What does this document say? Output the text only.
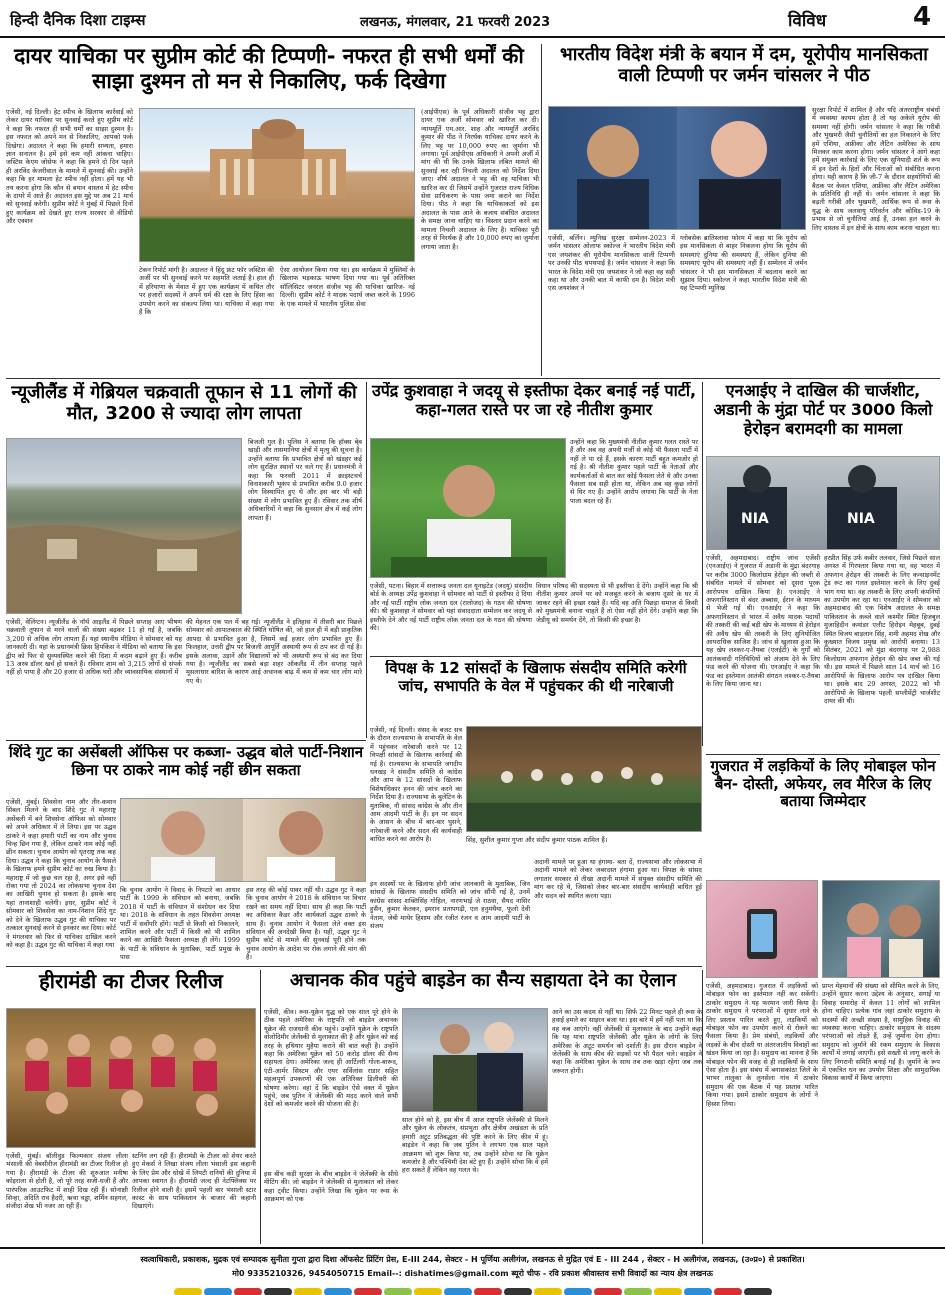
हिन्दी दैनिक दिशा टाइम्स	लखनऊ, मंगलवार, 21 फरवरी 2023	विविध	4
दायर याचिका पर सुप्रीम कोर्ट की टिप्पणी- नफरत ही सभी धर्मों की साझा दुश्मन तो मन से निकालिए, फर्क दिखेगा
एजेंसी, नई दिल्ली। हेट स्पीच के खिलाफ कार्रवाई को लेकर दायर याचिका पर सुनवाई करते हुए सुप्रीम कोर्ट ने कहा कि नफरत ही सभी धर्मों का साझा दुश्मन है। इस नफरत को अपने मन से निकालिए, आपको फर्क दिखेगा। अदालत ने कहा कि हमारी सभ्यता, हमारा ज्ञान सनातन है। हमें इसे कम नहीं आंकना चाहिए। जस्टिस केएम जोसेफ ने कहा कि हमने दो दिन पहले ही अरविंद केजरीवाल के मामले में सुनवाई की। उन्होंने कहा कि हर मामला हेट स्पीच नहीं होता। हमें यह भी तय करना होगा कि कौन से बयान वास्तव में हेट स्पीच के दायरे में आते हैं। अदालत इस मुद्दे पर अब 21 मार्च को सुनवाई करेगी। सुप्रीम कोर्ट ने मुंबई में पिछले दिनों हुए कार्यक्रम को देखते हुए राज्य सरकार से वीडियो और एक्शन
टेकन रिपोर्ट मांगी है। अदालत ने हिंदू फ्रंट फॉर जस्टिस की अर्जी पर भी सुनवाई करने पर सहमति जताई है। हाल ही में हरियाणा के मेवात में हुए एक कार्यक्रम में कथित तौर पर हजारों सदस्यों ने अपने धर्म की रक्षा के लिए हिंसा का उपयोग करने का संकल्प लिया था। याचिका में कहा गया है कि
ऐसा आयोजन किया गया था। इस कार्यक्रम में मुस्लिमों के खिलाफ भड़काऊ भाषण दिया गया था। पूर्व अतिरिक्त सॉलिसिटर जनरल संजीव भट्ट की याचिका खारिज- नई दिल्ली। सुप्रीम कोर्ट ने मादक पदार्थ जब्त करने के 1996 के एक मामले में भारतीय पुलिस सेवा
(आईपीएस) के पूर्व अधिकारी संजीव भट्ट द्वारा दायर एक अर्जी सोमवार को खारिज कर दी। न्यायमूर्ति एम.आर. शाह और न्यायमूर्ति अरविंद कुमार की पीठ ने निरर्थक याचिका दायर करने के लिए भट्ट पर 10,000 रुपए का जुर्माना भी लगाया। पूर्व आईपीएस अधिकारी ने अपनी अर्जी में मांग की थी कि उनके खिलाफ लंबित मामले की सुनवाई कर रही निचली अदालत को निर्देश दिया जाए। शीर्ष अदालत ने भट्ट की वह याचिका भी खारिज कर दी जिसमें उन्होंने गुजरात राज्य विधिक सेवा प्राधिकरण के पास जमा कराने का निर्देश दिया। पीठ ने कहा कि याचिकाकर्ता को इस अदालत के पास आने के बजाय संबंधित अदालत के समक्ष जाना चाहिए था। विस्तार प्रदान करने का मामला निचली अदालत के लिए है। याचिका पूरी तरह से निरर्थक है और 10,000 रुपए का जुर्माना लगाया जाता है।
भारतीय विदेश मंत्री के बयान में दम, यूरोपीय मानसिकता वाली टिप्पणी पर जर्मन चांसलर ने पीठ
एजेंसी, बर्लिन। म्युनिख सुरक्षा सम्मेलन-2023 में जर्मन चांसलर ओलाफ स्कोल्ज ने भारतीय विदेश मंत्री एस जयशंकर की यूरोपीय मानसिकता वाली टिप्पणी पर उनकी पीठ थपथपाई है। जर्मन चांसलर ने कहा कि भारत के विदेश मंत्री एस जयशंकर ने जो कहा वह सही कहा था और उनकी बात में काफी दम है। विदेश मंत्री एस जयशंकर ने
ग्लोबसेक ब्रातिस्लावा फोरम में कहा था कि यूरोप को इस मानसिकता से बाहर निकलना होगा कि यूरोप की समस्याएं दुनिया की समस्याएं हैं, लेकिन दुनिया की समस्याएं यूरोप की समस्याएं नहीं हैं। सम्मेलन में जर्मन चांसलर ने भी इस मानसिकता में बदलाव करने का सुझाव दिया। स्कोल्ज ने कहा भारतीय विदेश मंत्री की यह टिप्पणी म्युनिख
सुरक्षा रिपोर्ट में शामिल है और यदि अंतरराष्ट्रीय संबंधों में व्यवस्था कायम होता है तो यह अकेले यूरोप की समस्या नहीं होगी। जर्मन चांसलर ने कहा कि गरीबी और भुखमरी जैसी चुनौतियों का हल निकालने के लिए हमें एशिया, अफ्रीका और लैटिन अमेरिका के साथ मिलकर काम करना होगा। जर्मन चांसलर ने आगे कहा हमें संयुक्त कार्रवाई के लिए एक सुनियादी शर्त के रूप में इन देशों के हितों और चिंताओं को संबोधित करना होगा। यही कारण है कि जी-7 के दौरान सहयोगियों की बैठक पर केवल एशिया, अफ्रीका और लैटिन अमेरिका के प्रतिनिधि ही नहीं थे। जर्मन चांसलर ने कहा कि बढ़ती गरीबी और भुखमरी, आर्थिक रूप से रूस के युद्ध के साथ जलवायु परिवर्तन और कोविड-19 के प्रभाव से जो चुनौतियां आई हैं, उनका हल करने के लिए वास्तव में इन क्षेत्रों के साथ काम करना चाहता था।
न्यूजीलैंड में गेब्रियल चक्रवाती तूफान से 11 लोगों की मौत, 3200 से ज्यादा लोग लापता
बिजली गुल है। पुलिस ने बताया कि हॉक्स बे्ब खाड़ी और तासमानिया क्षेत्रों में मृत्यु की सूचना है। उन्होंने बताया कि प्रभावित क्षेत्रों को खंडहर कई लोग सुरक्षित स्थानों पर चले गए हैं। प्रधानमंत्री ने कहा कि फरवरी 2011 में क्राइस्टचर्च विनाशकारी भूकंप से प्रभावित करीब 9.0 हजार लोग विस्थापित हुए थे और इस बार भी बड़ी संख्या में लोग प्रभावित हुए हैं। रविवार तक शीर्ष अधिकारियों ने कहा कि सुनसान क्षेत्र में कई लोग लापता हैं।
एजेंसी, वेलिंग्टन। न्यूजीलैंड के नॉर्थ आइलैंड में पिछले सप्ताह आए भीषण चक्रवाती तूफान से मरने वालों की संख्या बढ़कर 11 हो गई है, जबकि 3,200 से अधिक लोग लापता हैं। यहां स्थानीय मीडिया ने सोमवार को यह जानकारी दी। यहां के प्रधानमंत्री क्रिस हिपकिंस ने मीडिया को बताया कि इस द्वीप को फिर से सुव्यवस्थित करने की दिशा में कदम बढ़ाने हुए हैं। करीब 13 अरब डॉलर खर्च हो सकते हैं। रविवार शाम को 3,215 लोगों से संपर्क नहीं हो पाया है और 20 हजार से अधिक घरों और व्यावसायिक संस्थानों में
की मेहनत एक पल में बह गई। न्यूजीलैंड ने इतिहास में तीसरी बार पिछले सोमवार को आपातकाल की स्थिति घोषित की, जो हाल ही में बड़ी प्राकृतिक आपदा से प्रभावित हुआ है, जिसमें कई हजार लोग प्रभावित हुए हैं। फिलहाल, उत्तरी द्वीप पर बिजली आपूर्ति अस्थायी रूप से ठप कर दी गई है। इसके अलावा, उड़ानें और विद्यालयों को भी अस्थायी रूप से बंद कर दिया गया है। न्यूजीलैंड का सबसे बड़ा शहर ऑकलैंड में तीन सप्ताह पहले मूसलाधार बारिश के कारण आई अचानक बाढ़ में कम से कम चार लोग मारे गए थे।
उपेंद्र कुशवाहा ने जदयू से इस्तीफा देकर बनाई नई पार्टी, कहा-गलत रास्ते पर जा रहे नीतीश कुमार
उन्होंने कहा कि मुख्यमंत्री नीतीश कुमार गलत रास्ते पर हैं और अब वह अपनी मर्जी से कोई भी फैसला पार्टी में नहीं ले पा रहे हैं, इसके कारण पार्टी बहुत कमजोर हो गई है। श्री नीतीश कुमार पहले पार्टी के नेताओं और कार्यकर्ताओं से बात कर कोई फैसला लेते थे और उनका फैसला सब सही होता था, लेकिन अब वह कुछ लोगों से घिर गए हैं। उन्होंने आरोप लगाया कि पार्टी के नेता पाला बदल रहे हैं।
एजेंसी, पटना। बिहार में सत्तारूढ़ जनता दल यूनाइटेड (जदयू) संसदीय बोर्ड के अध्यक्ष उपेंद्र कुशवाहा ने सोमवार को पार्टी से इस्तीफा दे दिया और नई पार्टी राष्ट्रीय लोक जनता दल (रालोजद) के गठन की घोषणा की। श्री कुशवाहा ने सोमवार को यहां संवाददाता सम्मेलन कर जदयू से इस्तीफे देने और नई पार्टी राष्ट्रीय लोक जनता दल के गठन की घोषणा की।
विधान परिषद की सदस्यता से भी इस्तीफा दे देंगे। उन्होंने कहा कि श्री नीतीश कुमार अपने पर को मजबूत करने के बजाय दूसरे के घर में जाकर रहने की इच्छा रखते हैं। यदि वह अति पिछड़ा समाज से किसी को मुख्यमंत्री बनाना चाहते हैं तो ऐसा नहीं होने देंगे। उन्होंने कहा कि जेडीयू को समर्थन देंगे, तो किसी की इच्छा है।
एनआईए ने दाखिल की चार्जशीट, अडानी के मुंद्रा पोर्ट पर 3000 किलो हेरोइन बरामदगी का मामला
NIA	NIA
एजेंसी, अहमदाबाद। राष्ट्रीय जांच एजेंसी (एनआईए) ने गुजरात में अडानी के मुंद्रा बंदरगाह पर करीब 3000 किलोग्राम हेरोइन की जब्ती से संबंधित मामले में सोमवार को दूसरा पूरक आरोपपत्र दाखिल किया है। एनआईए ने अफगानिस्तान से बंदर अब्बास, ईरान के माध्यम से भेजी गई थी। एनआईए ने कहा कि अफगानिस्तान से भारत में अवैध मादक पदार्थों की तस्करी की कई बड़ी खेप के माध्यम से हेरोइन की अवैध खेप की तस्करी के लिए सुनियोजित आपराधिक साजिश है। जांच से खुलासा हुआ कि यह खेप लश्कर-ए-तैयबा (एलईटी) के गुर्गों को आतंकवादी गतिविधियों को अंजाम देने के लिए फंड करने की योजना थी। एनआईए ने कहा कि फंड का इस्तेमाल आतंकी संगठन लश्कर-ए-तैयबा के लिए किया जाना था।
हरप्रीत सिंह उर्फ कबीर तलवार, जिसे पिछले साल अगस्त में गिरफ्तार किया गया था, वह भारत में अफगान हेरोइन की तस्करी के लिए कन्साइनमेंट ट्रेड रूट का गलत इस्तेमाल करने के लिए दुबई भाग गया था। वह तस्करी के लिए अपनी कंपनियों का उपयोग कर रहा था। एनआईए ने सोमवार को अहमदाबाद की एक विशेष अदालत के समक्ष पाकिस्तान के कब्जे वाले कश्मीर स्थित हिजबुल मुजाहिदीन कमांडर एलीट हिरोइन मेहबूब, दुबई स्थित विजय बाड़लान सिंह, शमी अहमद शेख और कुख्यात विजय प्रमुख को आरोपी बनाया। 13 सितंबर, 2021 को मुंद्रा बंदरगाह पर 2,988 किलोग्राम अफगान हेरोइन की खेप जब्त की गई थी। इस मामले में पिछले साल 14 मार्च को 16 आरोपियों के खिलाफ आरोप पत्र दाखिल किया था। इसके बाद 29 अगस्त, 2022 को भी आरोपियों के खिलाफ पहली सप्लीमेंट्री चार्जशीट दायर की थी।
शिंदे गुट का असेंबली ऑफिस पर कब्जा- उद्धव बोले पार्टी-निशान छिना पर ठाकरे नाम कोई नहीं छीन सकता
एजेंसी, मुंबई। शिवसेना नाम और तीर-कमान सिंबल मिलने के बाद शिंदे गुट ने महाराष्ट्र असेंबली में बने शिवसेना ऑफिस को सोमवार को अपने अधिकार में ले लिया। इस पर उद्धव ठाकरे ने कहा हमारी पार्टी का नाम और चुनाव चिन्ह छिन गया है, लेकिन ठाकरे नाम कोई नहीं छीन सकता। चुनाव आयोग को धृतराष्ट्र तक कह दिया। उद्धव ने कहा कि चुनाव आयोग के फैसले के खिलाफ हमने सुप्रीम कोर्ट का रुख किया है। महाराष्ट्र में जो कुछ चल रहा है, अगर इसे नहीं रोका गया तो 2024 का लोकसभा चुनाव देश का आखिरी चुनाव हो सकता है। इसके बाद यहां तानाशाही चलेगी। इधर, सुप्रीम कोर्ट ने सोमवार को शिवसेना का नाम-निशान शिंदे गुट को देने के खिलाफ उद्धव गुट की याचिका पर तत्काल सुनवाई करने से इनकार कर दिया। कोर्ट ने मंगलवार को फिर से याचिका दाखिल करने को कहा है। उद्धव गुट की याचिका में कहा गया
कि चुनाव आयोग ने विवाद के निपटारे का आधार पार्टी के 1999 के संविधान को बनाया, जबकि 2018 में पार्टी के संविधान में संशोधन कर दिया था। 2018 के संविधान के तहत शिवसेना अध्यक्ष पार्टी में सर्वोपरि होंगे। पार्टी से किसी को निकालने, शामिल करने और पार्टी में किसी को भी शामिल करने का आखिरी फैसला अध्यक्ष ही लेंगे। 1999 के पार्टी के संविधान के मुताबिक, पार्टी प्रमुख के पास
इस तरह की कोई पावर नहीं थी। उद्धव गुट ने कहा कि चुनाव आयोग ने 2018 के संविधान पर विचार रखने का समय नहीं दिया। साथ ही कहा कि पार्टी का अधिकार कैडर और कार्यकर्ता उद्धव ठाकरे के साथ हैं। चुनाव आयोग ने फैसला लेते वक्त इस संविधान की अनदेखी किया है। यहीं, उद्धव गुट ने सुप्रीम कोर्ट से मामले की सुनवाई पूरी होने तक चुनाव आयोग के आदेश पर रोक लगाने की मांग की है।
विपक्ष के 12 सांसदों के खिलाफ संसदीय समिति करेगी जांच, सभापति के वेल में पहुंचकर की थी नारेबाजी
एजेंसी, नई दिल्ली। संसद के बजट सत्र के दौरान राज्यसभा के सभापति के वेल में पहुंचकर नारेबाजी करने पर 12 विपक्षी सांसदों के खिलाफ कार्रवाई की गई है। राज्यसभा के सभापति जगदीप धनखड़ ने संसदीय समिति से कांग्रेस और आप के 12 सांसदों के खिलाफ विशेषाधिकार हनन की जांच करने का निर्देश दिया है। राज्यसभा के बुलेटिन के मुताबिक, नौ सांसद कांग्रेस के और तीन आम आदमी पार्टी के हैं। इन पर सदन के आसन के बीच में बार-बार घुसने, नारेबाजी करने और सदन की कार्यवाही बाधित करने का आरोप है।	सिंह, सुशील कुमार गुप्ता और संदीप कुमार पाठक शामिल हैं।
इन सदस्यों पर के खिलाफ होगी जांच जानकारी के मुताबिक, जिन सांसदों के खिलाफ संसदीय समिति को जांच सौंपी गई है, उनमें कांग्रेस सांसद शक्तिसिंह गोहिल, नारणभाई जे राठवा, सैयद नासिर हुसैन, कुमार केतकर, इमरान प्रतापगढ़ी, एल हनुमंथैया, फूलो देवी नेताम, जेबी माथेर हिशाम और रंजीत रंजन व आम आदमी पार्टी के संजय
अदानी मामले पर हुआ था हंगामा- बता दें, राज्यसभा और लोकसभा में अदानी मामले को लेकर जबरदस्त हंगामा हुआ था। विपक्ष के सांसद लगातार सरकार से तीखा अदानी मामले में संयुक्त संसदीय समिति की मांग कर रहे थे, जिसको लेकर बार-बार संसदीय कार्यवाही बाधित हुई और सदन को स्थगित करना पड़ा।
गुजरात में लड़कियों के लिए मोबाइल फोन बैन- दोस्ती, अफेयर, लव मैरिज के लिए बताया जिम्मेदार
हीरामंडी का टीजर रिलीज
एजेंसी, मुंबई। बॉलीवुड फिल्मकार संजय लीला भंसाली की वेबसीरीज हीरामंडी का टीजर रिलीज हो गया है। हीरामंडी के टीजर की शुरुआत मनीषा कोइराला से होती है, जो पूरे तरह सजी-धजी हैं और पारंपरिक आउटफिट में शाही दिख रही हैं। सोनाक्षी सिन्हा, अदिति राव हैदरी, ऋचा चड्ढा, शर्मिन सहगल, संजीदा शेख भी नजर आ रही हैं।
स्टनिंग लग रही हैं। हीरामंडी के टीजर को शेयर करते हुए मेकर्स ने लिखा संजय लीला भंसाली इस कहानी के लिए प्रेम और धोखे में लिपटी रानियों की दुनिया में आपका स्वागत है। हीरामंडी जल्द ही नेटफ्लिक्स पर रिलीज होने वाली है। इसमें पहली बार भंसाली स्टार कास्ट के साथ पाकिस्तान के बाजार की कहानी दिखाएंगे।
अचानक कीव पहुंचे बाइडेन का सैन्य सहायता देने का ऐलान
एजेंसी, कीव। रूस-यूक्रेन युद्ध को एक साल पूरे होने के ठीक पहले अमेरिका के राष्ट्रपति जो बाइडेन अचानक यूक्रेन की राजधानी कीव पहुंचे। उन्होंने यूक्रेन के राष्ट्रपति वोलोदिमीर जेलेंस्की से मुलाकात की है और यूक्रेन को कई तरह के हथियार मुहैया कराने की बात कही है। उन्होंने कहा कि अमेरिका यूक्रेन को 50 करोड़ डॉलर की सैन्य सहायता देगा। अमेरिका जल्द ही आर्टिलरी गोला-बारूद, एंटी-आर्मर सिस्टम और एयर सर्विलांस राडार सहित महत्वपूर्ण उपकरणों की एक अतिरिक्त डिलीवरी की घोषणा करेगा। वहां दें कि बाइडेन ऐसे वक्त में यूक्रेन पहुंचे, जब पुतिन ने जेलेंस्की की मदद करने वाले सभी देशों को कमजोर करने की योजना की है।
इस बीच कड़ी सुरक्षा के बीच बाइडेन ने जेलेंस्की के सीधे मीटिंग की। जो बाइडेन ने जेलेंस्की से मुलाकात को लेकर कहा ट्वीट किया। उन्होंने लिखा कि यूक्रेन पर रूस के आक्रमण को एक
साल होने को है, इस बीच मैं आज राष्ट्रपति जेलेंस्की से मिलने और यूक्रेन के लोकतंत्र, संप्रभुता और क्षेत्रीय अखंडता के प्रति हमारी अटूट प्रतिबद्धता की पुष्टि करने के लिए कीव में हूं। बाइडेन ने कहा कि जब पुतिन ने लगभग एक साल पहले आक्रमण को शुरू किया था, तब उन्होंने सोचा था कि यूक्रेन कमजोर है और पश्चिमी देश बंटे हुए हैं। उन्होंने सोचा कि वे हमें हरा सकते हैं लेकिन वह गलत थे।
आने का उस कदम से नहीं था। सिर्फ 22 मिनट पहले ही रूस के हवाई हमले का साइरन बजा था। इस बारे में हमें नहीं पता था कि वह कब आएंगे। वहीं जेलेंस्की से मुलाकात के बाद उन्होंने कहा कि यह यात्रा राष्ट्रपति जेलेंस्की और यूक्रेन के लोगों के लिए अमेरिका के अटूट समर्थन को दर्शाती है। इस दौरान बाइडेन ने जेलेंस्की के साथ कीव की सड़कों पर भी पैदल चले। बाइडेन ने कहा कि अमेरिका यूक्रेन के साथ तब तक खड़ा रहेगा जब तक जरूरत होगी।
एजेंसी, अहमदाबाद। गुजरात में लड़कियों को मोबाइल फोन का इस्तेमाल नहीं कर सकेंगी। ठाकोर समुदाय ने यह फरमान जारी किया है। ठाकोर समुदाय ने परंपराओं में सुधार लाने के लिए प्रस्ताव पारित करते हुए, लड़कियों को मोबाइल फोन का उपयोग करने से रोकने का फैसला किया है। प्रेम संबंधों, लड़कियों और लड़कों के बीच दोस्ती या अंतरजातीय विवाहों का खंडन किया जा रहा है। समुदाय का मानना है कि मोबाइल फोन की वजह से ही लड़कियों के साथ ऐसा होता है। इस संबंध में बनासकांठा जिले के भाभर तालुका के लुनसेला गांव में ठाकोर समुदाय की एक बैठक में यह प्रस्ताव पारित किया गया। इसमें ठाकोर समुदाय के लोगों ने हिस्सा लिया।
प्राप्त मेहमानों की संख्या को सीमित करने के लिए, उन्होंने सुधार करना उद्देश्य के अनुसार, सगाई या विवाह समारोह में केवल 11 लोगों को शामिल होना चाहिए। प्रत्येक गांव जहां ठाकोर समुदाय के सदस्यों की अच्छी संख्या है, सामुहिक विवाह की व्यवस्था करना चाहिए। ठाकोर समुदाय के सदस्य परंपराओं को तोड़ते हैं, उन्हें जुर्माना देना होगा। समुदाय को जुर्माने की रकम समुदाय के विकास कार्यों में लगाई जाएगी। इसे सख्ती से लागू करने के लिए निगरानी समिति बनाई गई है। जुर्माने के रूप में एकत्रित धन का उपयोग शिक्षा और सामुदायिक विकास कार्यों में किया जाएगा।
स्वत्वाधिकारी, प्रकाशक, मुद्रक एवं सम्पादक सुनीता गुप्ता द्वारा दिशा ऑफसेट प्रिंटिंग प्रेस, E-III 244, सेक्टर - H पूर्णिया अलीगंज, लखनऊ से मुद्रित एवं E - III 244 , सेक्टर - H अलीगंज, लखनऊ, (उ०प्र०) से प्रकाशित।
मो0 9335210326, 9454050715 Email--: dishatimes@gmail.com ब्यूरो चीफ - रवि प्रकाश श्रीवास्तव सभी विवादों का न्याय क्षेत्र लखनऊ
